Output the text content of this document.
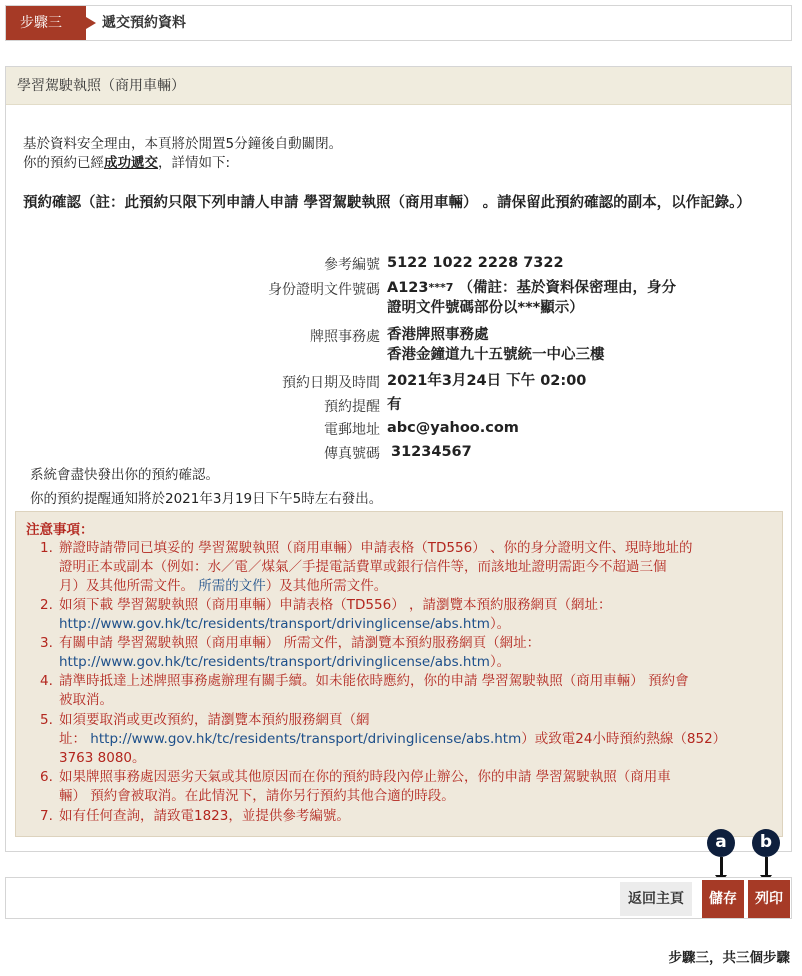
步驟三	遞交預約資料
學習駕駛執照（商用車輛）
基於資料安全理由，本頁將於閒置5分鐘後自動關閉。
你的預約已經成功遞交，詳情如下:
預約確認（註：此預約只限下列申請人申請 學習駕駛執照（商用車輛） 。請保留此預約確認的副本，以作記錄。）
參考編號 5122 1022 2228 7322
身份證明文件號碼 A123$^{***7}$ （備註：基於資料保密理由，身分
證明文件號碼部份以***顯示）
牌照事務處 香港牌照事務處
香港金鐘道九十五號統一中心三樓
預約日期及時間 2021年3月24日 下午 02:00
預約提醒 有
電郵地址 abc@yahoo.com
傳真號碼 31234567
系統會盡快發出你的預約確認。
你的預約提醒通知將於2021年3月19日下午5時左右發出。
注意事項：
1. 辦證時請帶同已填妥的 學習駕駛執照（商用車輛）申請表格（TD556） 、你的身分證明文件、現時地址的
證明正本或副本（例如：水／電／煤氣／手提電話費單或銀行信件等，而該地址證明需距今不超過三個
月）及其他所需文件。 所需的文件）及其他所需文件。
2. 如須下載 學習駕駛執照（商用車輛）申請表格（TD556） ，請瀏覽本預約服務網頁（網址：
http://www.gov.hk/tc/residents/transport/drivinglicense/abs.htm）。
3. 有關申請 學習駕駛執照（商用車輛） 所需文件，請瀏覽本預約服務網頁（網址：
http://www.gov.hk/tc/residents/transport/drivinglicense/abs.htm）。
4. 請準時抵達上述牌照事務處辦理有關手續。如未能依時應約，你的申請 學習駕駛執照（商用車輛） 預約會
被取消。
5. 如須要取消或更改預約，請瀏覽本預約服務網頁（網
址： http://www.gov.hk/tc/residents/transport/drivinglicense/abs.htm）或致電24小時預約熱線（852）
3763 8080。
6. 如果牌照事務處因惡劣天氣或其他原因而在你的預約時段內停止辦公，你的申請 學習駕駛執照（商用車
輛） 預約會被取消。在此情況下，請你另行預約其他合適的時段。
7. 如有任何查詢，請致電1823，並提供參考編號。
a	b
返回主頁	儲存	列印
步驟三，共三個步驟
